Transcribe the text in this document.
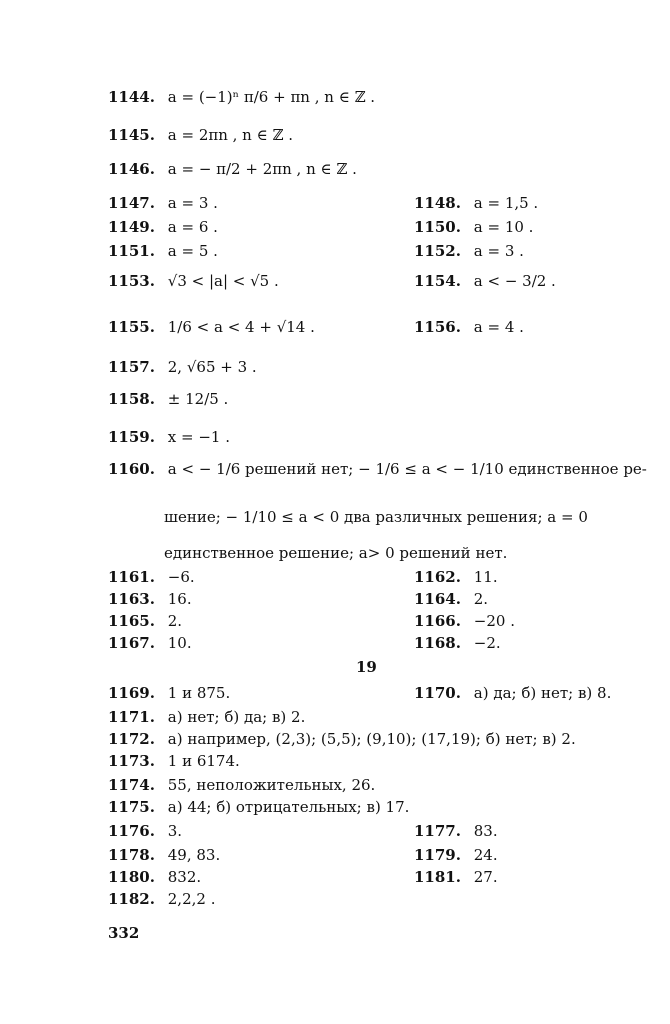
1144. a = (−1)ⁿ π/6 + πn , n ∈ ℤ .
1145. a = 2πn , n ∈ ℤ .
1146. a = − π/2 + 2πn , n ∈ ℤ .
1147. a = 3 .	1148. a = 1,5 .
1149. a = 6 .	1150. a = 10 .
1151. a = 5 .	1152. a = 3 .
1153. √3 < |a| < √5 .	1154. a < − 3/2 .
1155. 1/6 < a < 4 + √14 .	1156. a = 4 .
1157. 2, √65 + 3 .
1158. ± 12/5 .
1159. x = −1 .
1160. a < − 1/6 решений нет; − 1/6 ≤ a < − 1/10 единственное ре-
шение; − 1/10 ≤ a < 0 два различных решения; a = 0
единственное решение; a> 0 решений нет.
1161. −6.	1162. 11.
1163. 16.	1164. 2.
1165. 2.	1166. −20 .
1167. 10.	1168. −2.
19
1169. 1 и 875.	1170. а) да; б) нет; в) 8.
1171. а) нет; б) да; в) 2.
1172. а) например, (2,3); (5,5); (9,10); (17,19); б) нет; в) 2.
1173. 1 и 6174.
1174. 55, неположительных, 26.
1175. а) 44; б) отрицательных; в) 17.
1176. 3.	1177. 83.
1178. 49, 83.	1179. 24.
1180. 832.	1181. 27.
1182. 2,2,2 .
332
